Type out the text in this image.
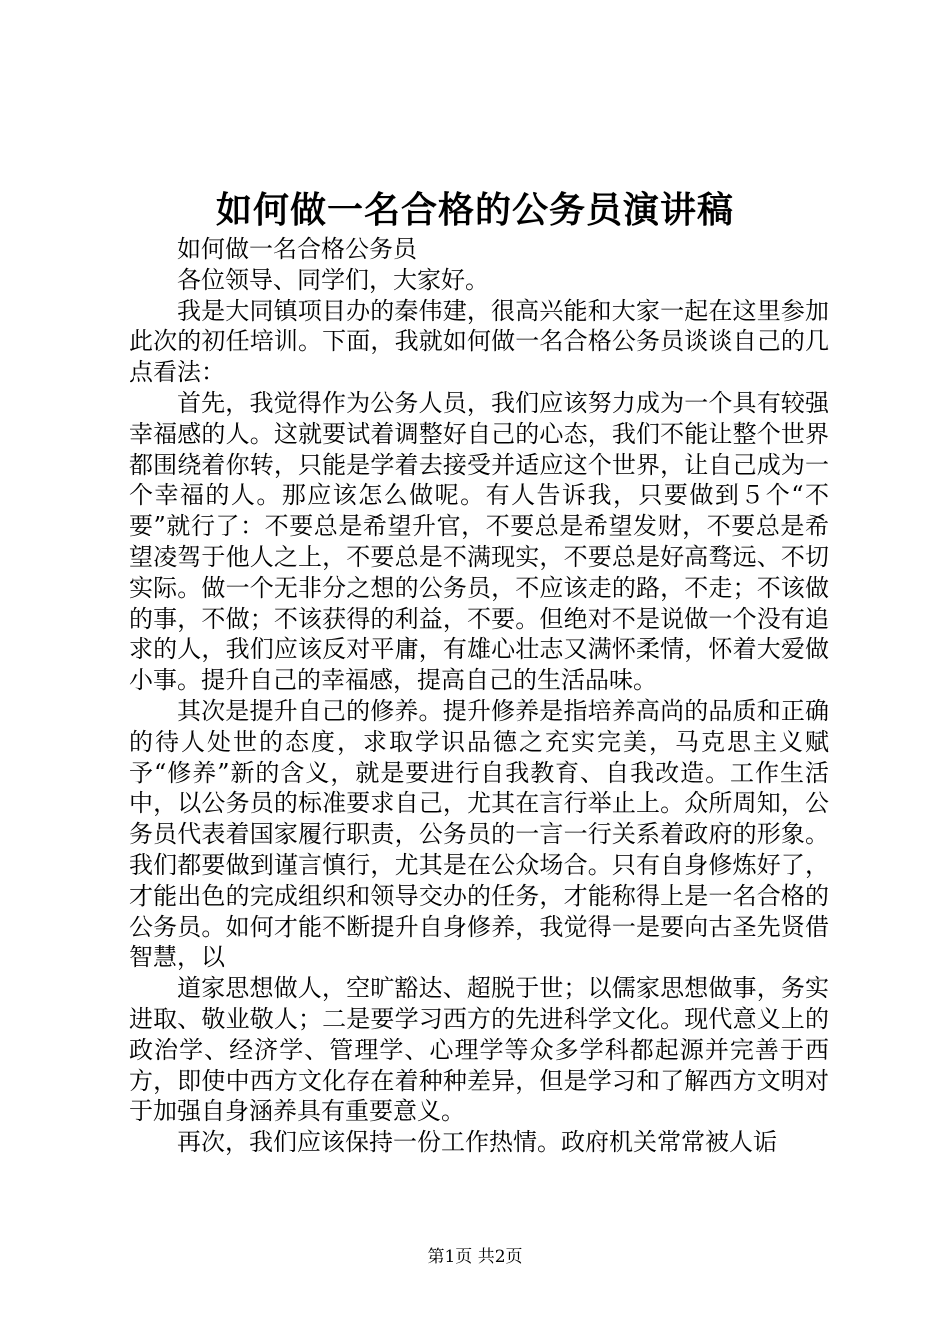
如何做一名合格的公务员演讲稿

如何做一名合格公务员

各位领导、同学们，大家好。

我是大同镇项目办的秦伟建，很高兴能和大家一起在这里参加此次的初任培训。下面，我就如何做一名合格公务员谈谈自己的几点看法：

首先，我觉得作为公务人员，我们应该努力成为一个具有较强幸福感的人。这就要试着调整好自己的心态，我们不能让整个世界都围绕着你转，只能是学着去接受并适应这个世界，让自己成为一个幸福的人。那应该怎么做呢。有人告诉我，只要做到５个“不要”就行了：不要总是希望升官，不要总是希望发财，不要总是希望凌驾于他人之上，不要总是不满现实，不要总是好高骛远、不切实际。做一个无非分之想的公务员，不应该走的路，不走；不该做的事，不做；不该获得的利益，不要。但绝对不是说做一个没有追求的人，我们应该反对平庸，有雄心壮志又满怀柔情，怀着大爱做小事。提升自己的幸福感，提高自己的生活品味。

其次是提升自己的修养。提升修养是指培养高尚的品质和正确的待人处世的态度，求取学识品德之充实完美，马克思主义赋予“修养”新的含义，就是要进行自我教育、自我改造。工作生活中，以公务员的标准要求自己，尤其在言行举止上。众所周知，公务员代表着国家履行职责，公务员的一言一行关系着政府的形象。我们都要做到谨言慎行，尤其是在公众场合。只有自身修炼好了，才能出色的完成组织和领导交办的任务，才能称得上是一名合格的公务员。如何才能不断提升自身修养，我觉得一是要向古圣先贤借智慧，以

道家思想做人，空旷豁达、超脱于世；以儒家思想做事，务实进取、敬业敬人；二是要学习西方的先进科学文化。现代意义上的政治学、经济学、管理学、心理学等众多学科都起源并完善于西方，即使中西方文化存在着种种差异，但是学习和了解西方文明对于加强自身涵养具有重要意义。

再次，我们应该保持一份工作热情。政府机关常常被人诟

第1页 共2页
